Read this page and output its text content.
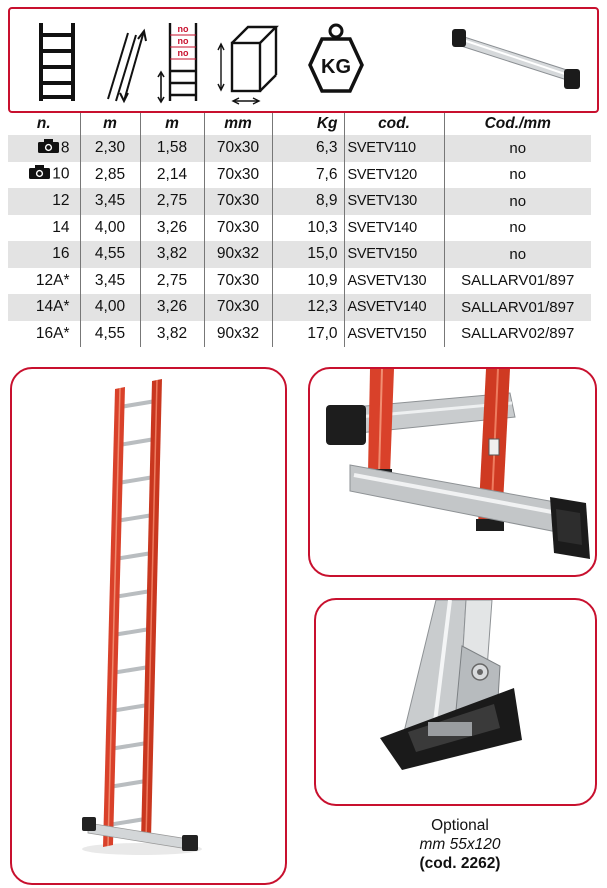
no
no
no
KG
n.	m	m	mm	Kg	cod.	Cod./mm
8	2,30	1,58	70x30	6,3	SVETV110	no
10	2,85	2,14	70x30	7,6	SVETV120	no
12	3,45	2,75	70x30	8,9	SVETV130	no
14	4,00	3,26	70x30	10,3	SVETV140	no
16	4,55	3,82	90x32	15,0	SVETV150	no
12A*	3,45	2,75	70x30	10,9	ASVETV130	SALLARV01/897
14A*	4,00	3,26	70x30	12,3	ASVETV140	SALLARV01/897
16A*	4,55	3,82	90x32	17,0	ASVETV150	SALLARV02/897
Optional
mm 55x120
(cod. 2262)
